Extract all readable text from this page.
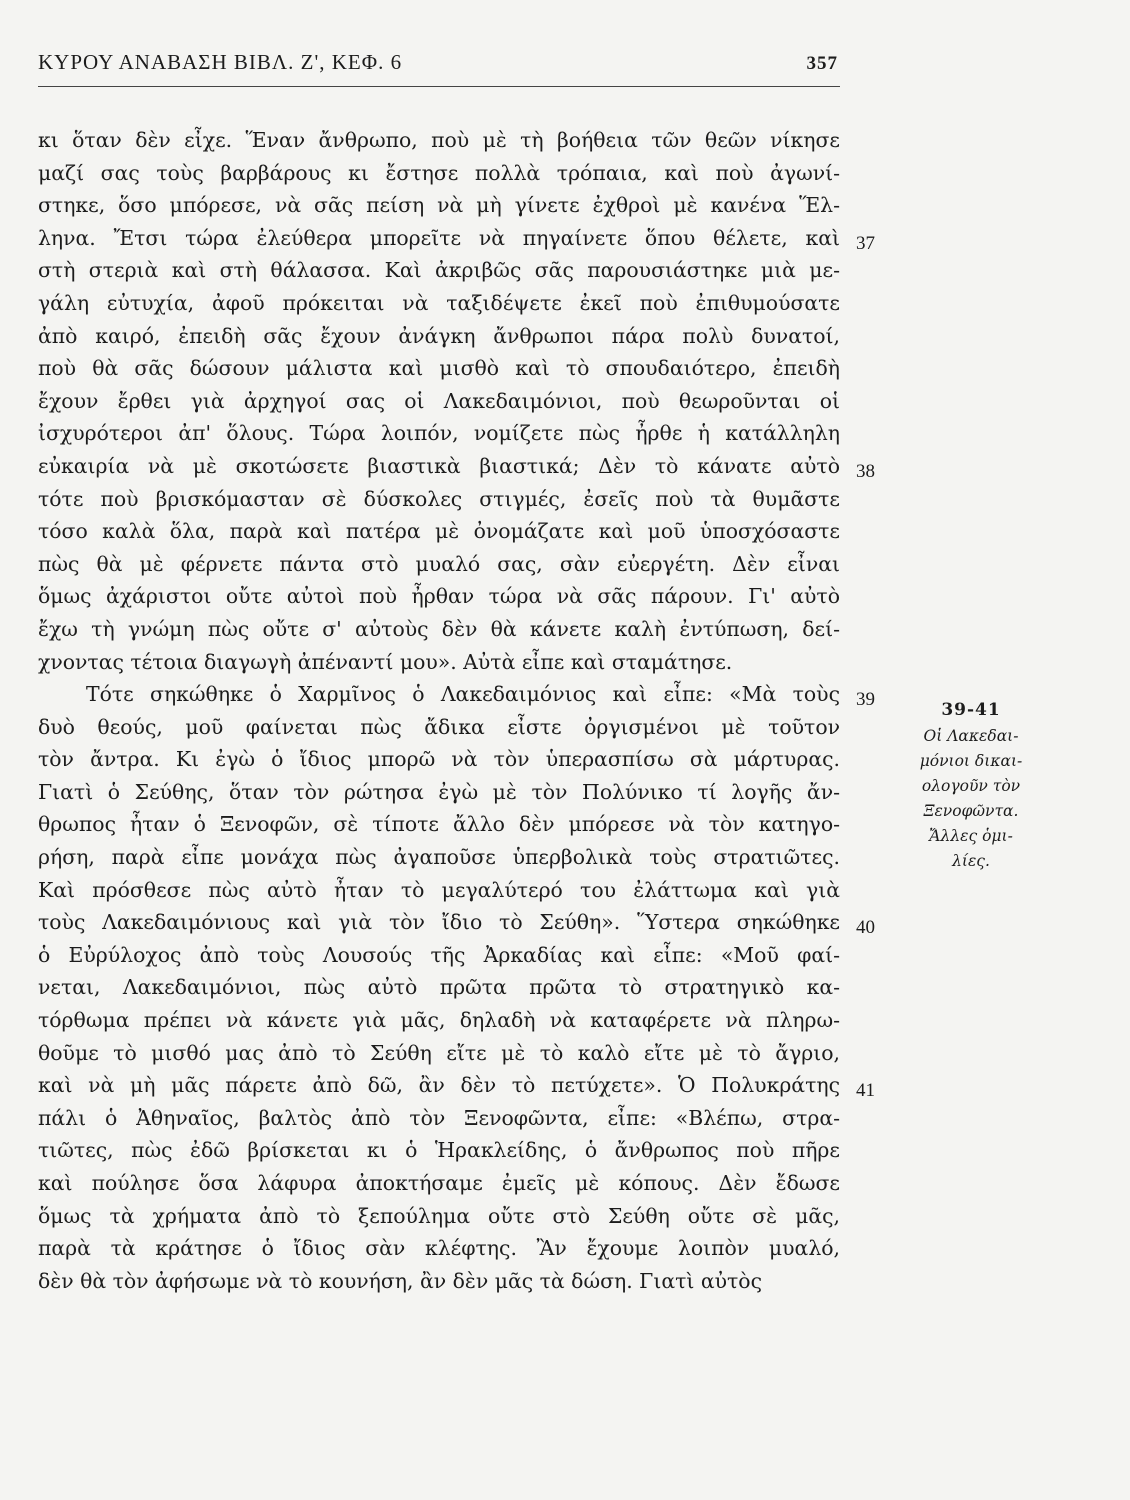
ΚΥΡΟΥ ΑΝΑΒΑΣΗ ΒΙΒΛ. Ζ', ΚΕΦ. 6	357
κι ὅταν δὲν εἶχε. Ἕναν ἄνθρωπο, ποὺ μὲ τὴ βοήθεια τῶν θεῶν νίκησε
μαζί σας τοὺς βαρβάρους κι ἔστησε πολλὰ τρόπαια, καὶ ποὺ ἀγωνί-
στηκε, ὅσο μπόρεσε, νὰ σᾶς πείση νὰ μὴ γίνετε ἐχθροὶ μὲ κανένα Ἕλ-
ληνα. Ἔτσι τώρα ἐλεύθερα μπορεῖτε νὰ πηγαίνετε ὅπου θέλετε, καὶ
στὴ στεριὰ καὶ στὴ θάλασσα. Καὶ ἀκριβῶς σᾶς παρουσιάστηκε μιὰ με-
γάλη εὐτυχία, ἀφοῦ πρόκειται νὰ ταξιδέψετε ἐκεῖ ποὺ ἐπιθυμούσατε
ἀπὸ καιρό, ἐπειδὴ σᾶς ἔχουν ἀνάγκη ἄνθρωποι πάρα πολὺ δυνατοί,
ποὺ θὰ σᾶς δώσουν μάλιστα καὶ μισθὸ καὶ τὸ σπουδαιότερο, ἐπειδὴ
ἔχουν ἔρθει γιὰ ἀρχηγοί σας οἱ Λακεδαιμόνιοι, ποὺ θεωροῦνται οἱ
ἰσχυρότεροι ἀπ' ὅλους. Τώρα λοιπόν, νομίζετε πὼς ἦρθε ἡ κατάλληλη
εὐκαιρία νὰ μὲ σκοτώσετε βιαστικὰ βιαστικά; Δὲν τὸ κάνατε αὐτὸ
τότε ποὺ βρισκόμασταν σὲ δύσκολες στιγμές, ἐσεῖς ποὺ τὰ θυμᾶστε
τόσο καλὰ ὅλα, παρὰ καὶ πατέρα μὲ ὀνομάζατε καὶ μοῦ ὑποσχόσαστε
πὼς θὰ μὲ φέρνετε πάντα στὸ μυαλό σας, σὰν εὐεργέτη. Δὲν εἶναι
ὅμως ἀχάριστοι οὔτε αὐτοὶ ποὺ ἦρθαν τώρα νὰ σᾶς πάρουν. Γι' αὐτὸ
ἔχω τὴ γνώμη πὼς οὔτε σ' αὐτοὺς δὲν θὰ κάνετε καλὴ ἐντύπωση, δεί-
χνοντας τέτοια διαγωγὴ ἀπέναντί μου». Αὐτὰ εἶπε καὶ σταμάτησε.
Τότε σηκώθηκε ὁ Χαρμῖνος ὁ Λακεδαιμόνιος καὶ εἶπε: «Μὰ τοὺς
δυὸ θεούς, μοῦ φαίνεται πὼς ἄδικα εἶστε ὀργισμένοι μὲ τοῦτον
τὸν ἄντρα. Κι ἐγὼ ὁ ἴδιος μπορῶ νὰ τὸν ὑπερασπίσω σὰ μάρτυρας.
Γιατὶ ὁ Σεύθης, ὅταν τὸν ρώτησα ἐγὼ μὲ τὸν Πολύνικο τί λογῆς ἄν-
θρωπος ἦταν ὁ Ξενοφῶν, σὲ τίποτε ἄλλο δὲν μπόρεσε νὰ τὸν κατηγο-
ρήση, παρὰ εἶπε μονάχα πὼς ἀγαποῦσε ὑπερβολικὰ τοὺς στρατιῶτες.
Καὶ πρόσθεσε πὼς αὐτὸ ἦταν τὸ μεγαλύτερό του ἐλάττωμα καὶ γιὰ
τοὺς Λακεδαιμόνιους καὶ γιὰ τὸν ἴδιο τὸ Σεύθη». Ὕστερα σηκώθηκε
ὁ Εὐρύλοχος ἀπὸ τοὺς Λουσούς τῆς Ἀρκαδίας καὶ εἶπε: «Μοῦ φαί-
νεται, Λακεδαιμόνιοι, πὼς αὐτὸ πρῶτα πρῶτα τὸ στρατηγικὸ κα-
τόρθωμα πρέπει νὰ κάνετε γιὰ μᾶς, δηλαδὴ νὰ καταφέρετε νὰ πληρω-
θοῦμε τὸ μισθό μας ἀπὸ τὸ Σεύθη εἴτε μὲ τὸ καλὸ εἴτε μὲ τὸ ἄγριο,
καὶ νὰ μὴ μᾶς πάρετε ἀπὸ δῶ, ἂν δὲν τὸ πετύχετε». Ὁ Πολυκράτης
πάλι ὁ Ἀθηναῖος, βαλτὸς ἀπὸ τὸν Ξενοφῶντα, εἶπε: «Βλέπω, στρα-
τιῶτες, πὼς ἐδῶ βρίσκεται κι ὁ Ἡρακλείδης, ὁ ἄνθρωπος ποὺ πῆρε
καὶ πούλησε ὅσα λάφυρα ἀποκτήσαμε ἐμεῖς μὲ κόπους. Δὲν ἔδωσε
ὅμως τὰ χρήματα ἀπὸ τὸ ξεπούλημα οὔτε στὸ Σεύθη οὔτε σὲ μᾶς,
παρὰ τὰ κράτησε ὁ ἴδιος σὰν κλέφτης. Ἂν ἔχουμε λοιπὸν μυαλό,
δὲν θὰ τὸν ἀφήσωμε νὰ τὸ κουνήση, ἂν δὲν μᾶς τὰ δώση. Γιατὶ αὐτὸς
37
38
39
40
41
39-41
Οἱ Λακεδαι-
μόνιοι δικαι-
ολογοῦν τὸν
Ξενοφῶντα.
Ἄλλες ὁμι-
λίες.
